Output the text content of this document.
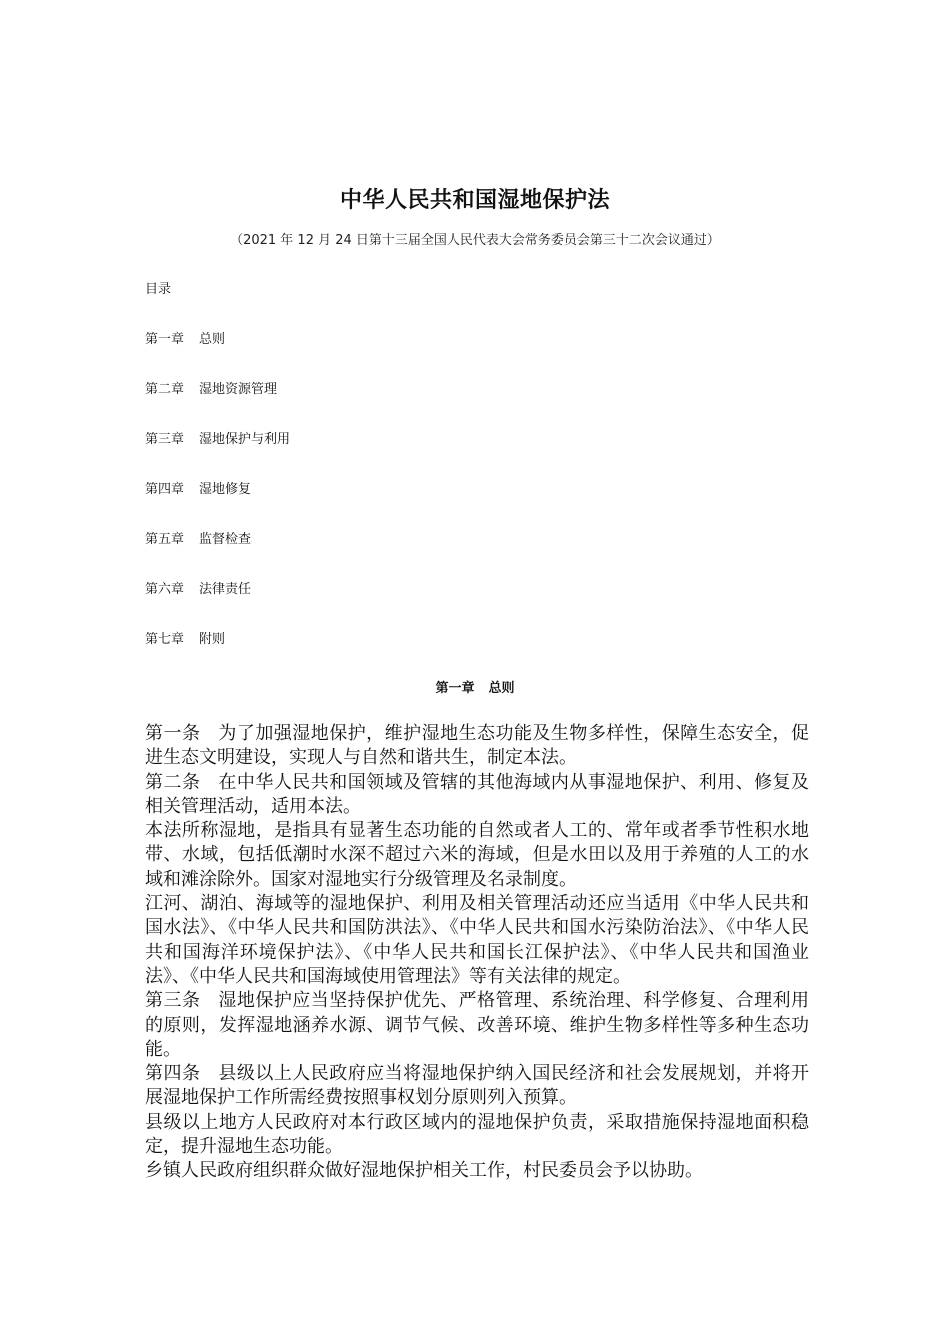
中华人民共和国湿地保护法
（2021 年 12 月 24 日第十三届全国人民代表大会常务委员会第三十二次会议通过）
目录
第一章 总则
第二章 湿地资源管理
第三章 湿地保护与利用
第四章 湿地修复
第五章 监督检查
第六章 法律责任
第七章 附则
第一章 总则

第一条 为了加强湿地保护，维护湿地生态功能及生物多样性，保障生态安全，促进生态文明建设，实现人与自然和谐共生，制定本法。

第二条 在中华人民共和国领域及管辖的其他海域内从事湿地保护、利用、修复及相关管理活动，适用本法。

本法所称湿地，是指具有显著生态功能的自然或者人工的、常年或者季节性积水地带、水域，包括低潮时水深不超过六米的海域，但是水田以及用于养殖的人工的水域和滩涂除外。国家对湿地实行分级管理及名录制度。

江河、湖泊、海域等的湿地保护、利用及相关管理活动还应当适用《中华人民共和国水法》、《中华人民共和国防洪法》、《中华人民共和国水污染防治法》、《中华人民共和国海洋环境保护法》、《中华人民共和国长江保护法》、《中华人民共和国渔业法》、《中华人民共和国海域使用管理法》等有关法律的规定。

第三条 湿地保护应当坚持保护优先、严格管理、系统治理、科学修复、合理利用的原则，发挥湿地涵养水源、调节气候、改善环境、维护生物多样性等多种生态功能。

第四条 县级以上人民政府应当将湿地保护纳入国民经济和社会发展规划，并将开展湿地保护工作所需经费按照事权划分原则列入预算。

县级以上地方人民政府对本行政区域内的湿地保护负责，采取措施保持湿地面积稳定，提升湿地生态功能。

乡镇人民政府组织群众做好湿地保护相关工作，村民委员会予以协助。
